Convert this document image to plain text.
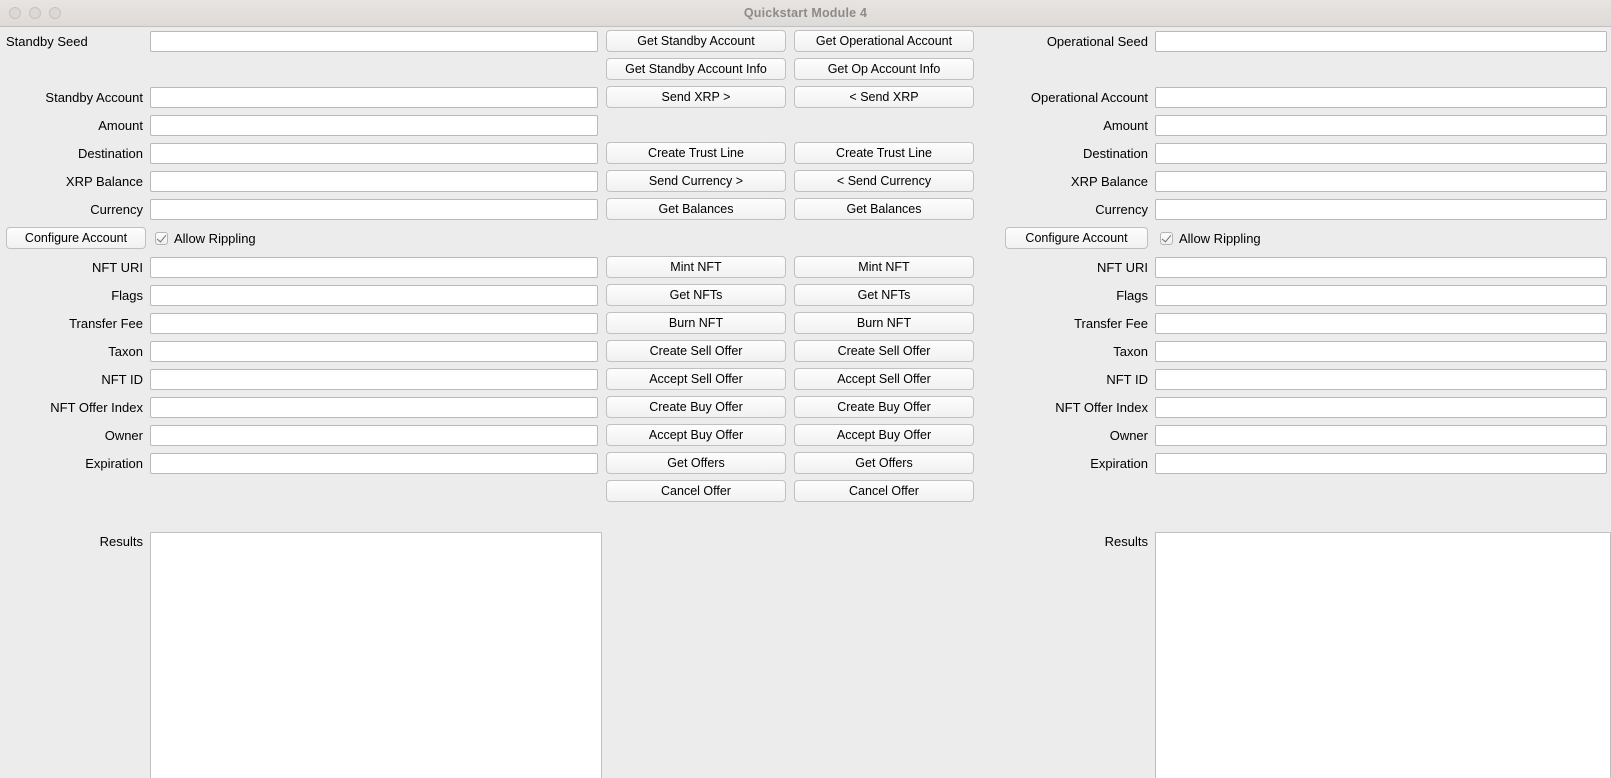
Quickstart Module 4
Standby Seed	Get Standby Account	Get Operational Account	Operational Seed
Get Standby Account Info	Get Op Account Info
Standby Account	Send XRP >	< Send XRP	Operational Account
Amount	Amount
Destination	Create Trust Line	Create Trust Line	Destination
XRP Balance	Send Currency >	< Send Currency	XRP Balance
Currency	Get Balances	Get Balances	Currency
Configure Account	Allow Rippling	Configure Account	Allow Rippling
NFT URI	Mint NFT	Mint NFT	NFT URI
Flags	Get NFTs	Get NFTs	Flags
Transfer Fee	Burn NFT	Burn NFT	Transfer Fee
Taxon	Create Sell Offer	Create Sell Offer	Taxon
NFT ID	Accept Sell Offer	Accept Sell Offer	NFT ID
NFT Offer Index	Create Buy Offer	Create Buy Offer	NFT Offer Index
Owner	Accept Buy Offer	Accept Buy Offer	Owner
Expiration	Get Offers	Get Offers	Expiration
Cancel Offer	Cancel Offer
Results	Results
